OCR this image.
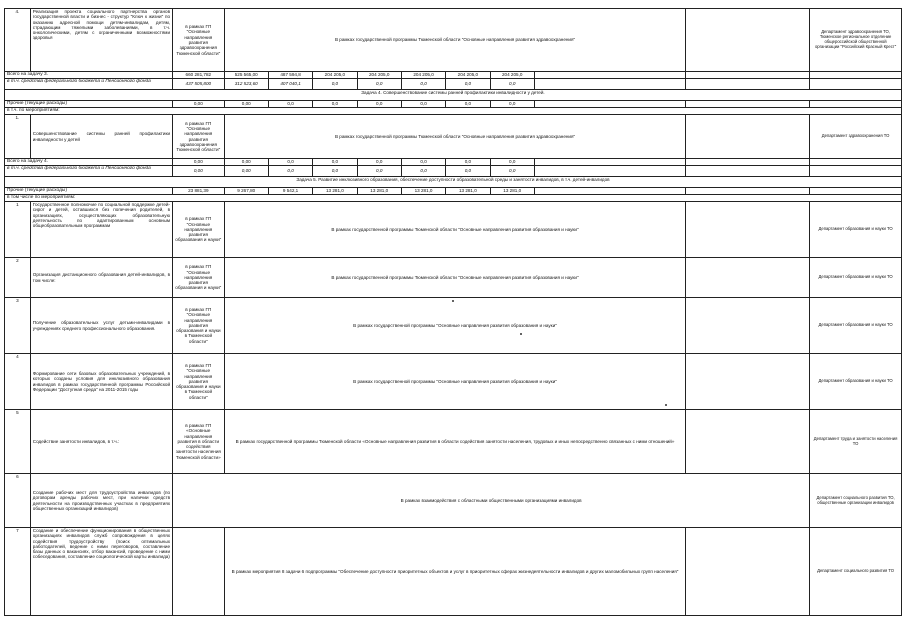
4.	Реализация проекта социального партнерства органов государственной власти и бизнес - структур "Ключ к жизни" по оказанию адресной помощи детям-инвалидам, детям, страдающим тяжелыми заболеваниями, в т.ч. онкологическими, детям с ограниченными возможностями здоровья	в рамках ГП "Основные направления развития здравоохранения Тюменской области"	В рамках государственной программы Тюменской области "Основные направления развития здравоохранения"									Департамент здравоохранения ТО, Тюменское региональное отделение общероссийской общественной организации "Российский Красный Крест"
Всего на задачу 3.		660 281,782	525 565,00	487 594,8	204 205,0	204 205,0	204 205,0	204 205,0	204 205,0			
в т.ч. средства федерального бюджета и Пенсионного фонда		437 505,800	312 523,60	407 040,1	0,0	0,0	0,0	0,0	0,0			
Задача 4. Совершенствование системы ранней профилактики инвалидности у детей.												
Прочие (текущие расходы)		0,00	0,00	0,0	0,0	0,0	0,0	0,0	0,0			
в т.ч. по мероприятиям:												
1.	Совершенствование системы ранней профилактики инвалидности у детей	в рамках ГП "Основные направления развития здравоохранения Тюменской области"	В рамках государственной программы Тюменской области "Основные направления развития здравоохранения"									Департамент здравоохранения ТО
Всего на задачу 4.		0,00	0,00	0,0	0,0	0,0	0,0	0,0	0,0			
в т.ч. средства федерального бюджета и Пенсионного фонда		0,00	0,00	0,0	0,0	0,0	0,0	0,0	0,0			
Задача 5. Развитие инклюзивного образования, обеспечение доступности образовательной среды и занятости инвалидов, в т.ч. детей-инвалидов												
Прочие (текущие расходы)		23 881,39	9 267,80	9 542,1	13 281,0	13 281,0	13 281,0	13 281,0	13 281,0			
в том числе по мероприятиям:												
1	Государственное полномочие по социальной поддержке детей-сирот и детей, оставшихся без попечения родителей, в организациях, осуществляющих образовательную деятельность по адаптированным основным общеобразовательным программам	в рамках ГП "Основные направления развития образования и науки"	В рамках государственной программы Тюменской области "Основные направления развития образования и науки"									Департамент образования и науки ТО
2	Организация дистанционного образования детей-инвалидов, в том числе:	в рамках ГП "Основные направления развития образования и науки"	В рамках государственной программы Тюменской области "Основные направления развития образования и науки"									Департамент образования и науки ТО
3	Получение образовательных услуг детьми-инвалидами в учреждениях среднего профессионального образования.	в рамках ГП "Основные направления развития образования и науки в Тюменской области"	В рамках государственной программы "Основные направления развития образования и науки"									Департамент образования и науки ТО
4	Формирование сети базовых образовательных учреждений, в которых созданы условия для инклюзивного образования инвалидов в рамках государственной программы Российской Федерации "Доступная среда" на 2011-2015 годы	в рамках ГП "Основные направления развития образования и науки в Тюменской области"	В рамках государственной программы "Основные направления развития образования и науки"									Департамент образования и науки ТО
5	Содействие занятости инвалидов, в т.ч.:	в рамках ГП «Основные направления развития в области содействия занятости населения Тюменской области»	В рамках государственной программы Тюменской области «Основные направления развития в области содействия занятости населения, трудовых и иных непосредственно связанных с ними отношений»									Департамент труда и занятости населения ТО
6	Создание рабочих мест для трудоустройства инвалидов (по договорам аренды рабочих мест, при наличии средств деятельности на производственных участках в предприятиях общественных организаций инвалидов)	В рамках взаимодействия с областными общественными организациями инвалидов										Департамент социального развития ТО, общественные организации инвалидов
7	Создание и обеспечение функционирования в общественных организациях инвалидов служб сопровождения в целях содействия трудоустройству (поиск оптимальных работодателей, ведение с ними переговоров, составление базы данных о вакансиях, отбор вакансий, проведение с ними собеседования, составление социологической карты инвалида)		В рамках мероприятия 8 задачи 6 подпрограммы "Обеспечение доступности приоритетных объектов и услуг в приоритетных сферах жизнедеятельности инвалидов и других маломобильных групп населения"									Департамент социального развития ТО
